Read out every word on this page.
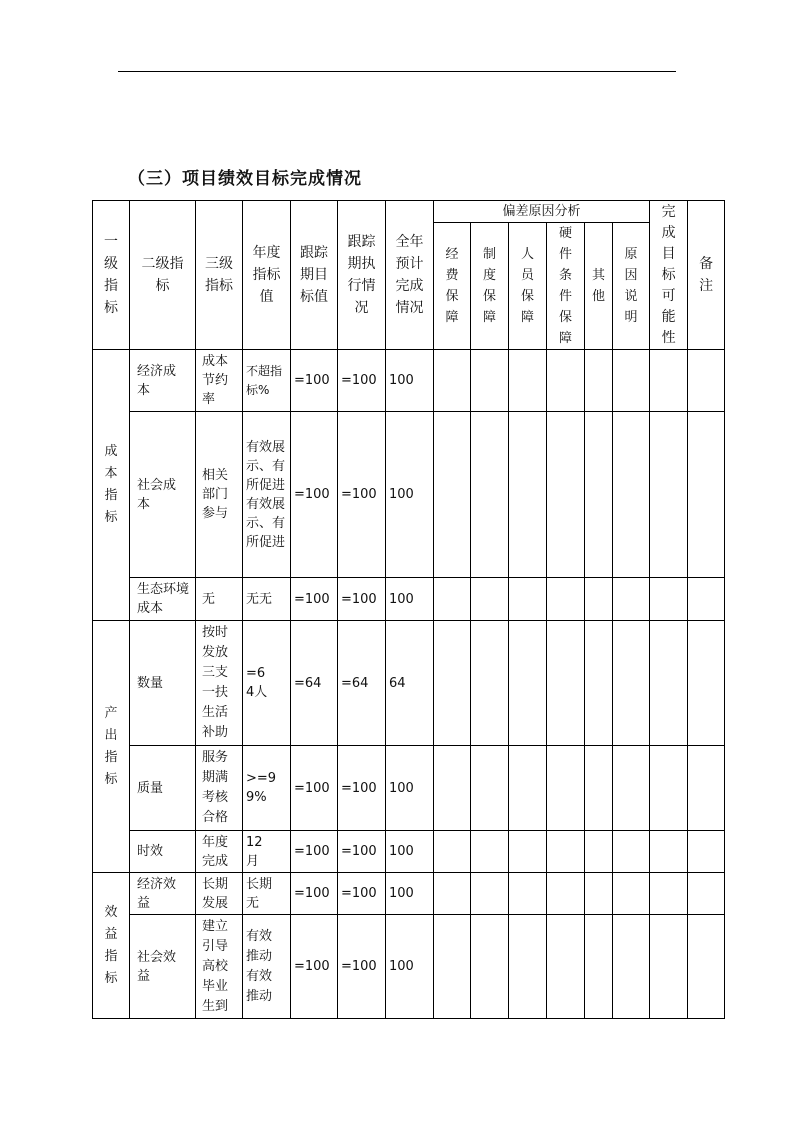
（三）项目绩效目标完成情况
一级指标	二级指标	三级指标	年度指标值	跟踪期目标值	跟踪期执行情况	全年预计完成情况	偏差原因分析						完成目标可能性	备注

							经费保障	制度保障	人员保障	硬件条件保障	其他	原因说明		

成本指标	经济成本	成本节约率	不超指标%	=100	=100	100								

	社会成本	相关部门参与	有效展示、有所促进有效展示、有所促进	=100	=100	100								

	生态环境成本	无	无无	=100	=100	100								

产出指标	数量	按时发放三支一扶生活补助	=64人	=64	=64	64								

	质量	服务期满考核合格	>=99%	=100	=100	100								

	时效	年度完成	12月	=100	=100	100								

效益指标	经济效益	长期发展	长期无	=100	=100	100								

	社会效益	建立引导高校毕业生到	有效推动有效推动	=100	=100	100								
